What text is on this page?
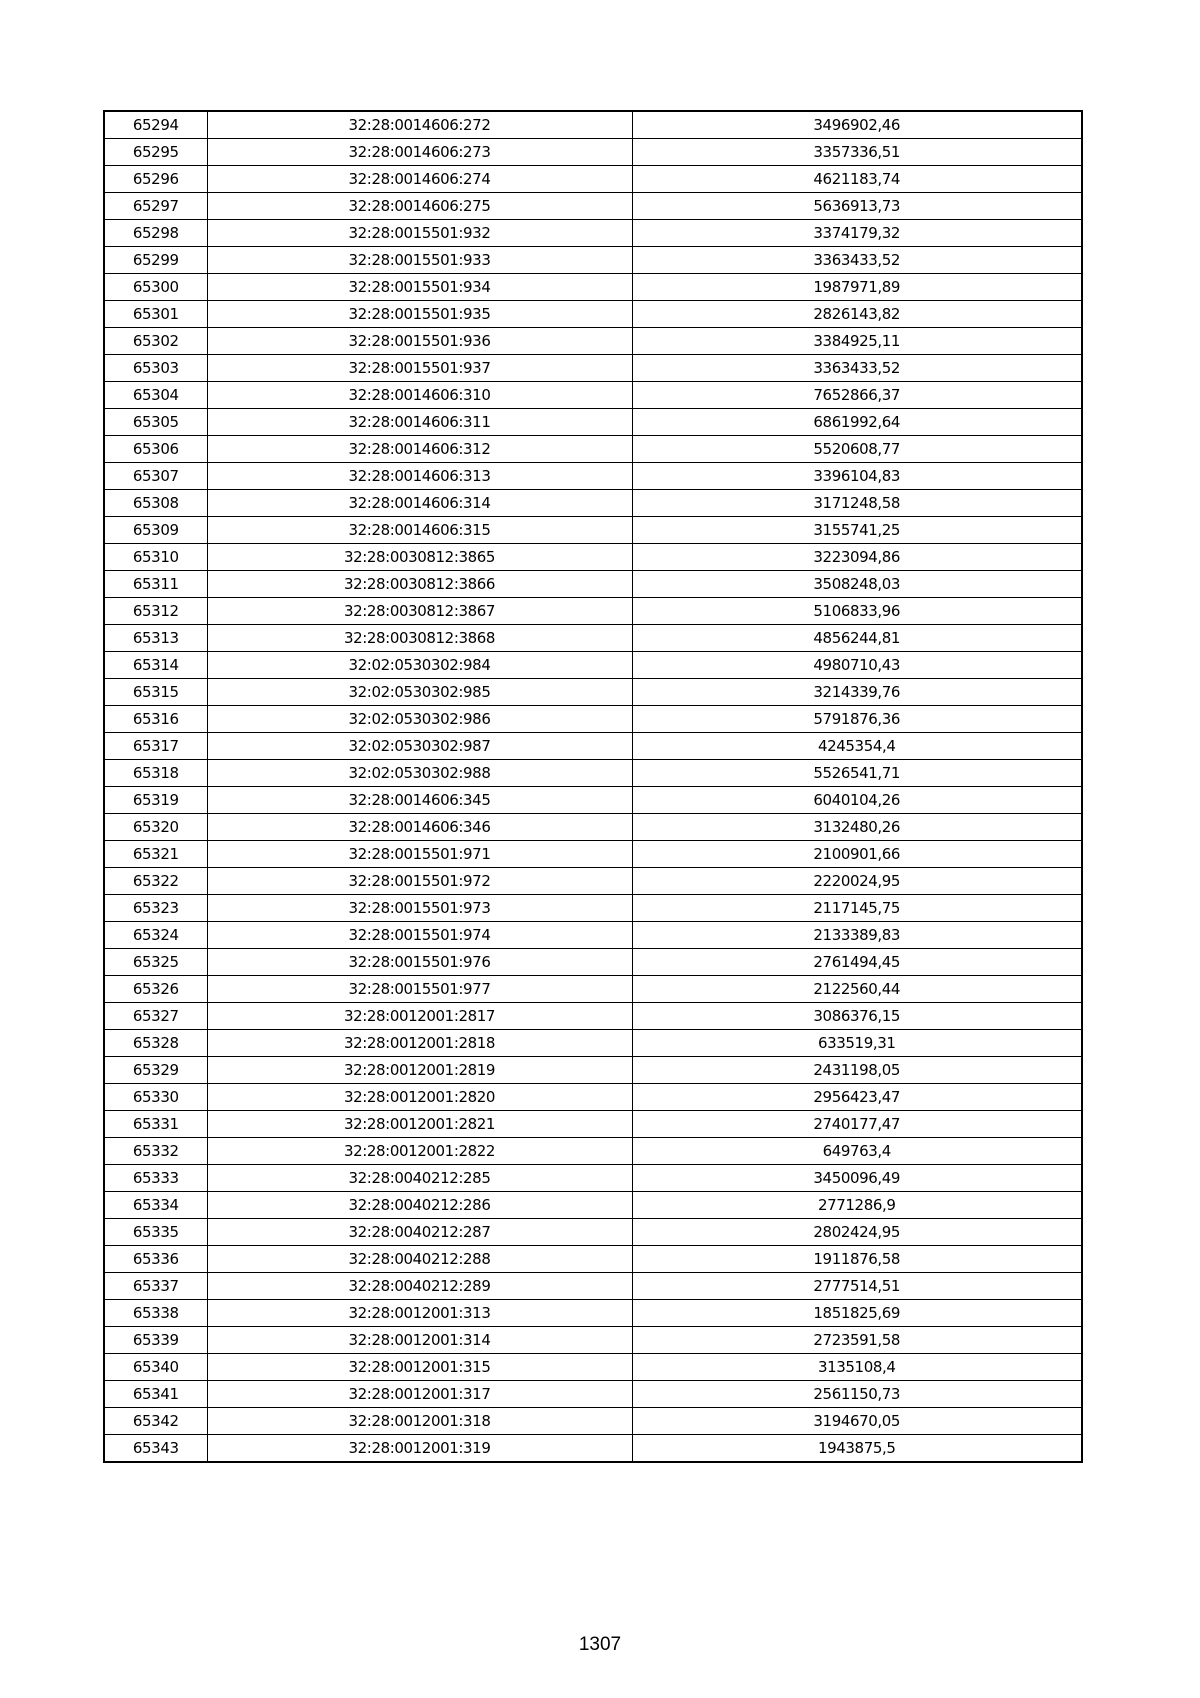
65294	32:28:0014606:272	3496902,46
65295	32:28:0014606:273	3357336,51
65296	32:28:0014606:274	4621183,74
65297	32:28:0014606:275	5636913,73
65298	32:28:0015501:932	3374179,32
65299	32:28:0015501:933	3363433,52
65300	32:28:0015501:934	1987971,89
65301	32:28:0015501:935	2826143,82
65302	32:28:0015501:936	3384925,11
65303	32:28:0015501:937	3363433,52
65304	32:28:0014606:310	7652866,37
65305	32:28:0014606:311	6861992,64
65306	32:28:0014606:312	5520608,77
65307	32:28:0014606:313	3396104,83
65308	32:28:0014606:314	3171248,58
65309	32:28:0014606:315	3155741,25
65310	32:28:0030812:3865	3223094,86
65311	32:28:0030812:3866	3508248,03
65312	32:28:0030812:3867	5106833,96
65313	32:28:0030812:3868	4856244,81
65314	32:02:0530302:984	4980710,43
65315	32:02:0530302:985	3214339,76
65316	32:02:0530302:986	5791876,36
65317	32:02:0530302:987	4245354,4
65318	32:02:0530302:988	5526541,71
65319	32:28:0014606:345	6040104,26
65320	32:28:0014606:346	3132480,26
65321	32:28:0015501:971	2100901,66
65322	32:28:0015501:972	2220024,95
65323	32:28:0015501:973	2117145,75
65324	32:28:0015501:974	2133389,83
65325	32:28:0015501:976	2761494,45
65326	32:28:0015501:977	2122560,44
65327	32:28:0012001:2817	3086376,15
65328	32:28:0012001:2818	633519,31
65329	32:28:0012001:2819	2431198,05
65330	32:28:0012001:2820	2956423,47
65331	32:28:0012001:2821	2740177,47
65332	32:28:0012001:2822	649763,4
65333	32:28:0040212:285	3450096,49
65334	32:28:0040212:286	2771286,9
65335	32:28:0040212:287	2802424,95
65336	32:28:0040212:288	1911876,58
65337	32:28:0040212:289	2777514,51
65338	32:28:0012001:313	1851825,69
65339	32:28:0012001:314	2723591,58
65340	32:28:0012001:315	3135108,4
65341	32:28:0012001:317	2561150,73
65342	32:28:0012001:318	3194670,05
65343	32:28:0012001:319	1943875,5
1307
